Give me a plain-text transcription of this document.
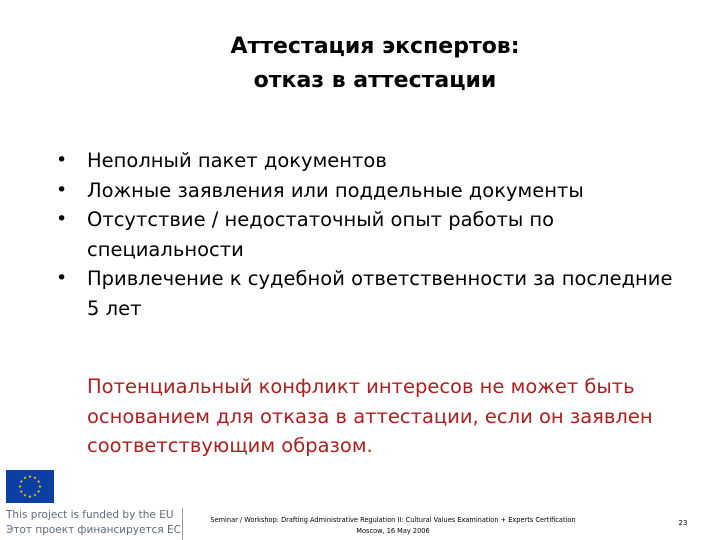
Аттестация экспертов:
отказ в аттестации
•	Неполный пакет документов
•	Ложные заявления или поддельные документы
•	Отсутствие / недостаточный опыт работы по специальности
•	Привлечение к судебной ответственности за последние 5 лет
Потенциальный конфликт интересов не может быть основанием для отказа в аттестации, если он заявлен соответствующим образом.
This project is funded by the EU
Этот проект финансируется ЕС
Seminar / Workshop: Drafting Administrative Regulation II: Cultural Values Examination + Experts Certification
Moscow, 16 May 2006
23
